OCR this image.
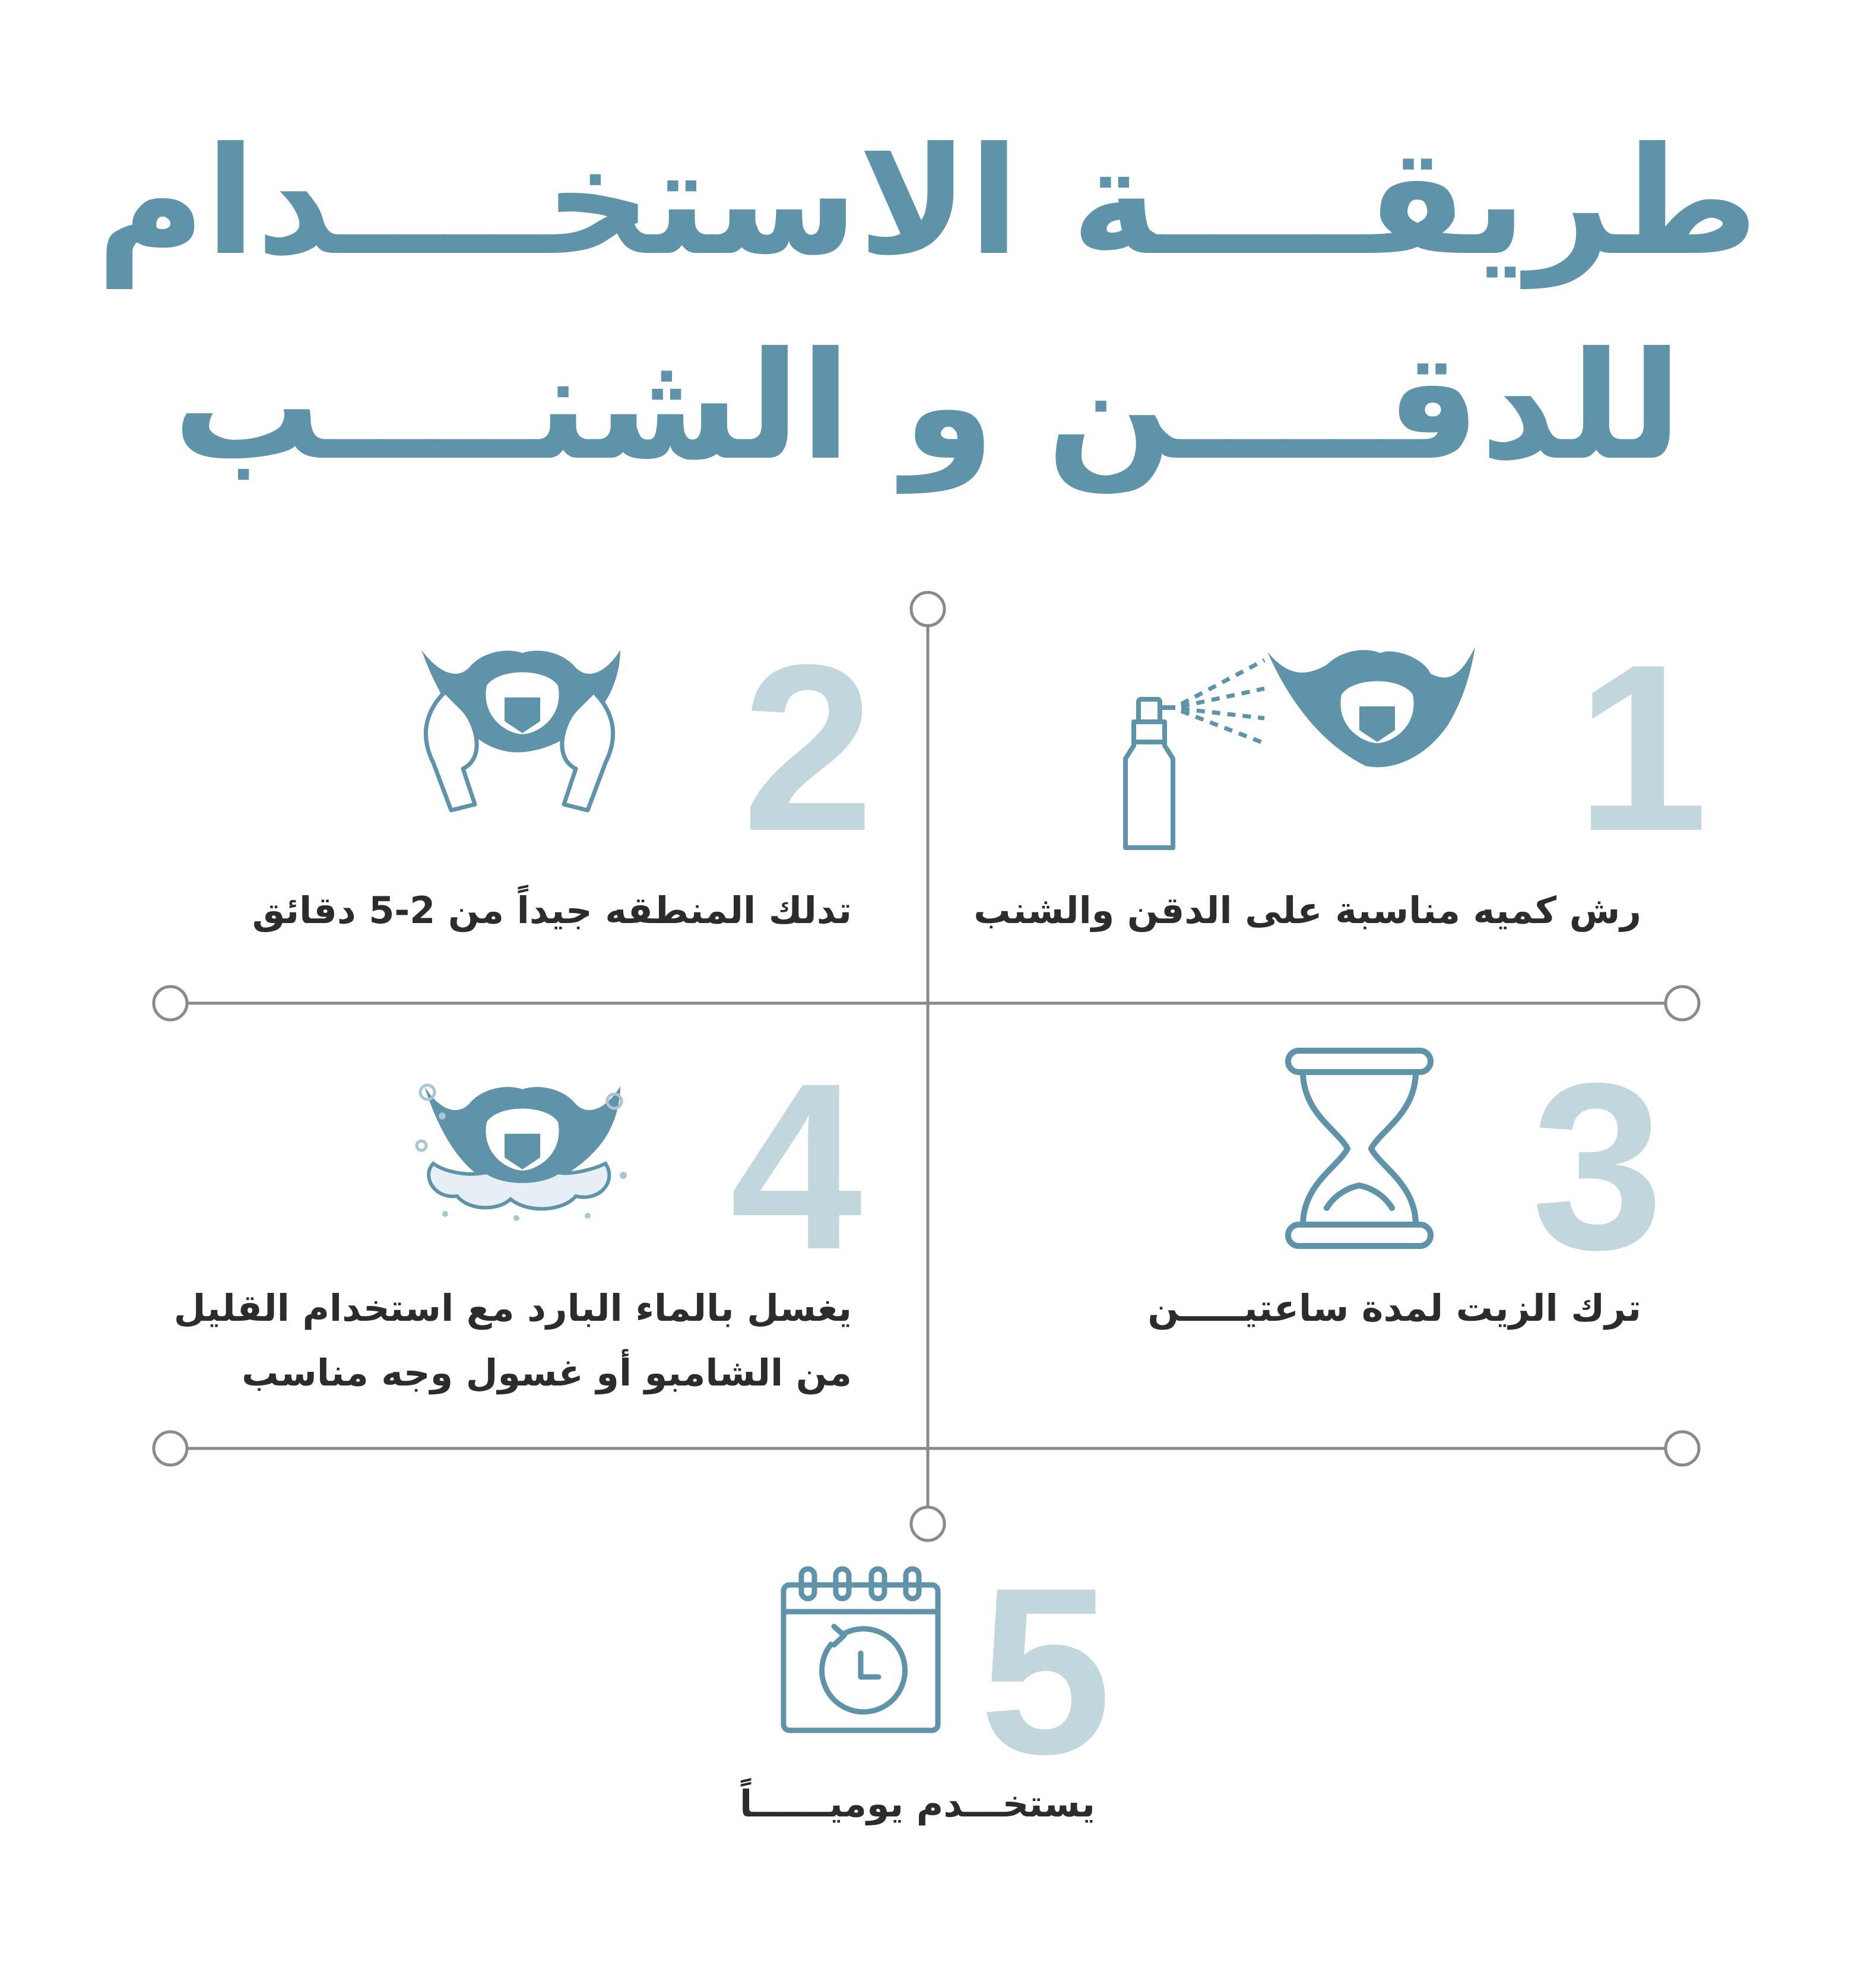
طريقــــة الاستخــــدام
للدقــــن و الشنــــب
1
رش كميه مناسبة على الدقن والشنب
2
تدلك المنطقه جيداً من 2-5 دقائق
3
ترك الزيت لمدة ساعتيـــــن
4
يغسل بالماء البارد مع استخدام القليل
من الشامبو أو غسول وجه مناسب
5
يستخـــدم يوميــــــاً
